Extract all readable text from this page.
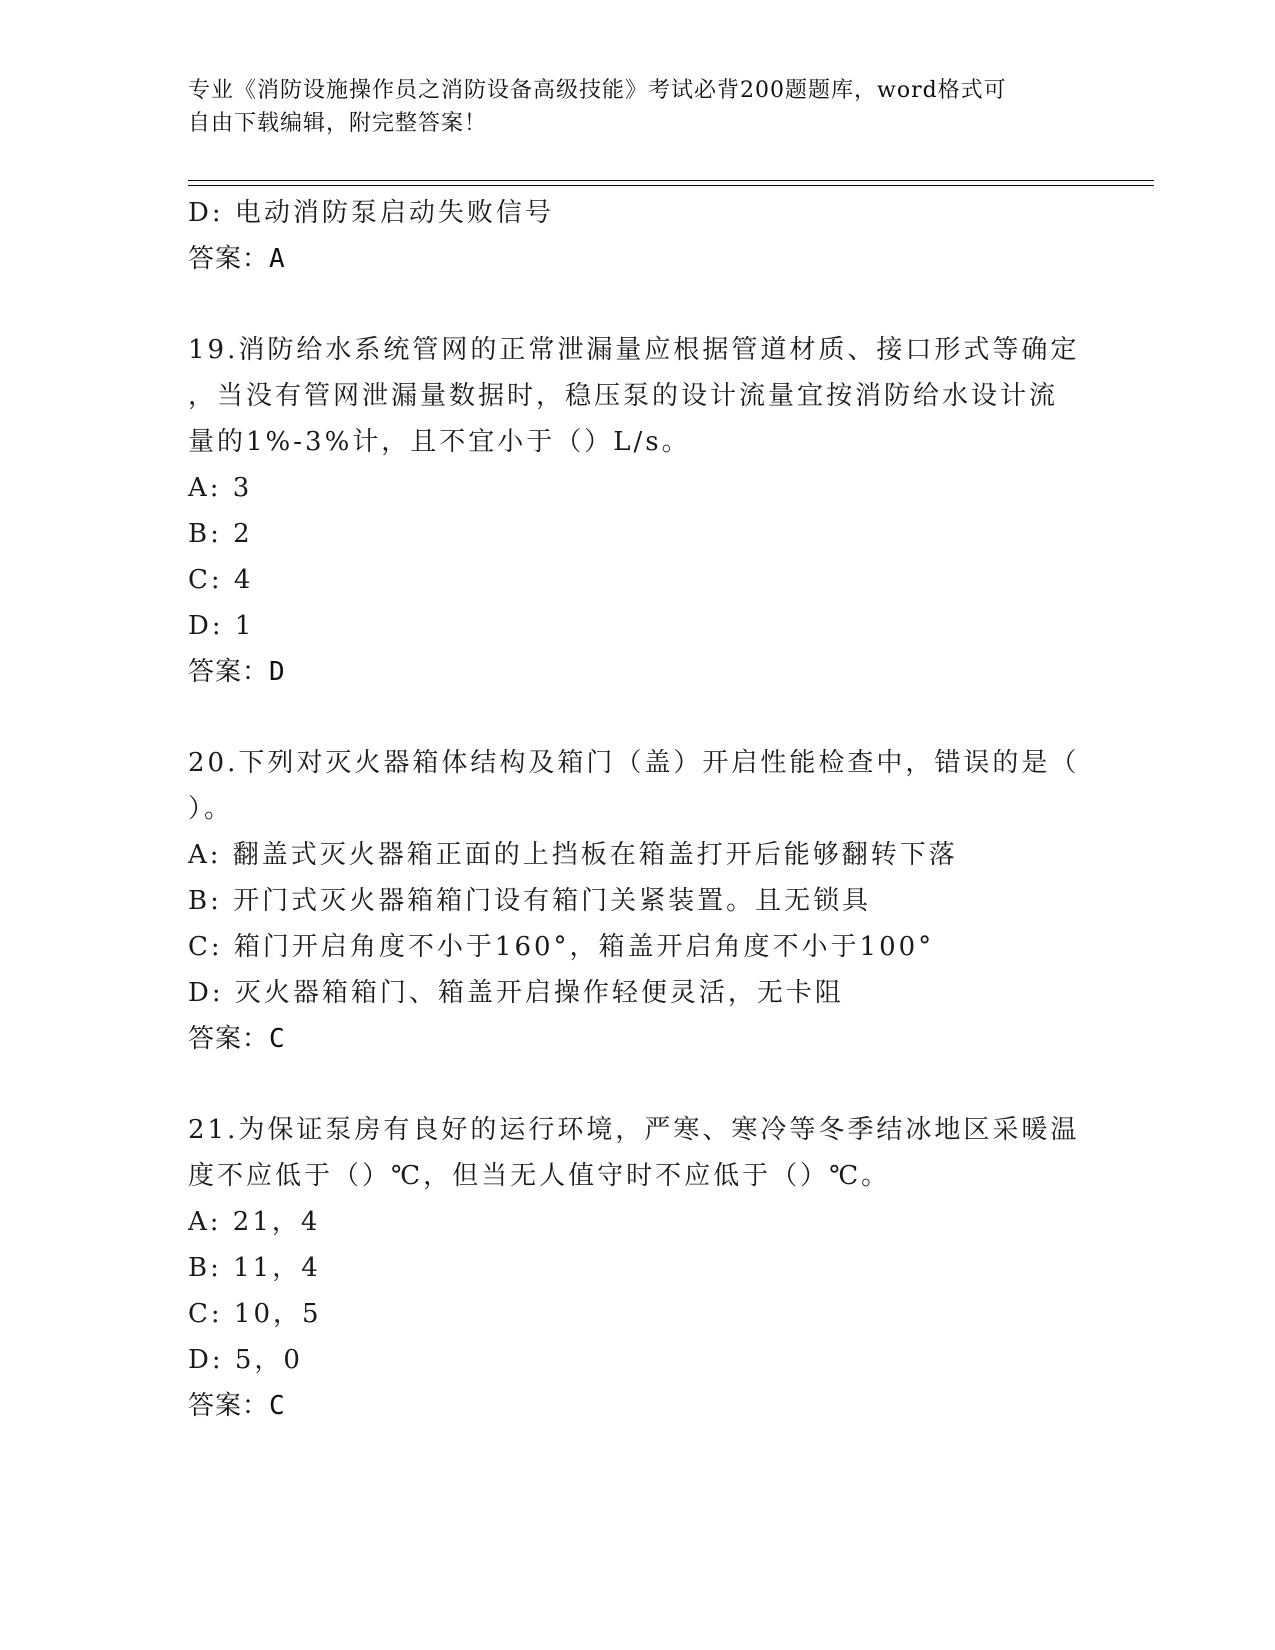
专业《消防设施操作员之消防设备高级技能》考试必背200题题库，word格式可
自由下载编辑，附完整答案！
D: 电动消防泵启动失败信号
答案：A
19.消防给水系统管网的正常泄漏量应根据管道材质、接口形式等确定
，当没有管网泄漏量数据时，稳压泵的设计流量宜按消防给水设计流
量的1%-3%计，且不宜小于（）L/s。
A: 3
B: 2
C: 4
D: 1
答案：D
20.下列对灭火器箱体结构及箱门（盖）开启性能检查中，错误的是（
）。
A: 翻盖式灭火器箱正面的上挡板在箱盖打开后能够翻转下落
B: 开门式灭火器箱箱门设有箱门关紧装置。且无锁具
C: 箱门开启角度不小于160°，箱盖开启角度不小于100°
D: 灭火器箱箱门、箱盖开启操作轻便灵活，无卡阻
答案：C
21.为保证泵房有良好的运行环境，严寒、寒冷等冬季结冰地区采暖温
度不应低于（）℃，但当无人值守时不应低于（）℃。
A: 21，4
B: 11，4
C: 10，5
D: 5，0
答案：C
